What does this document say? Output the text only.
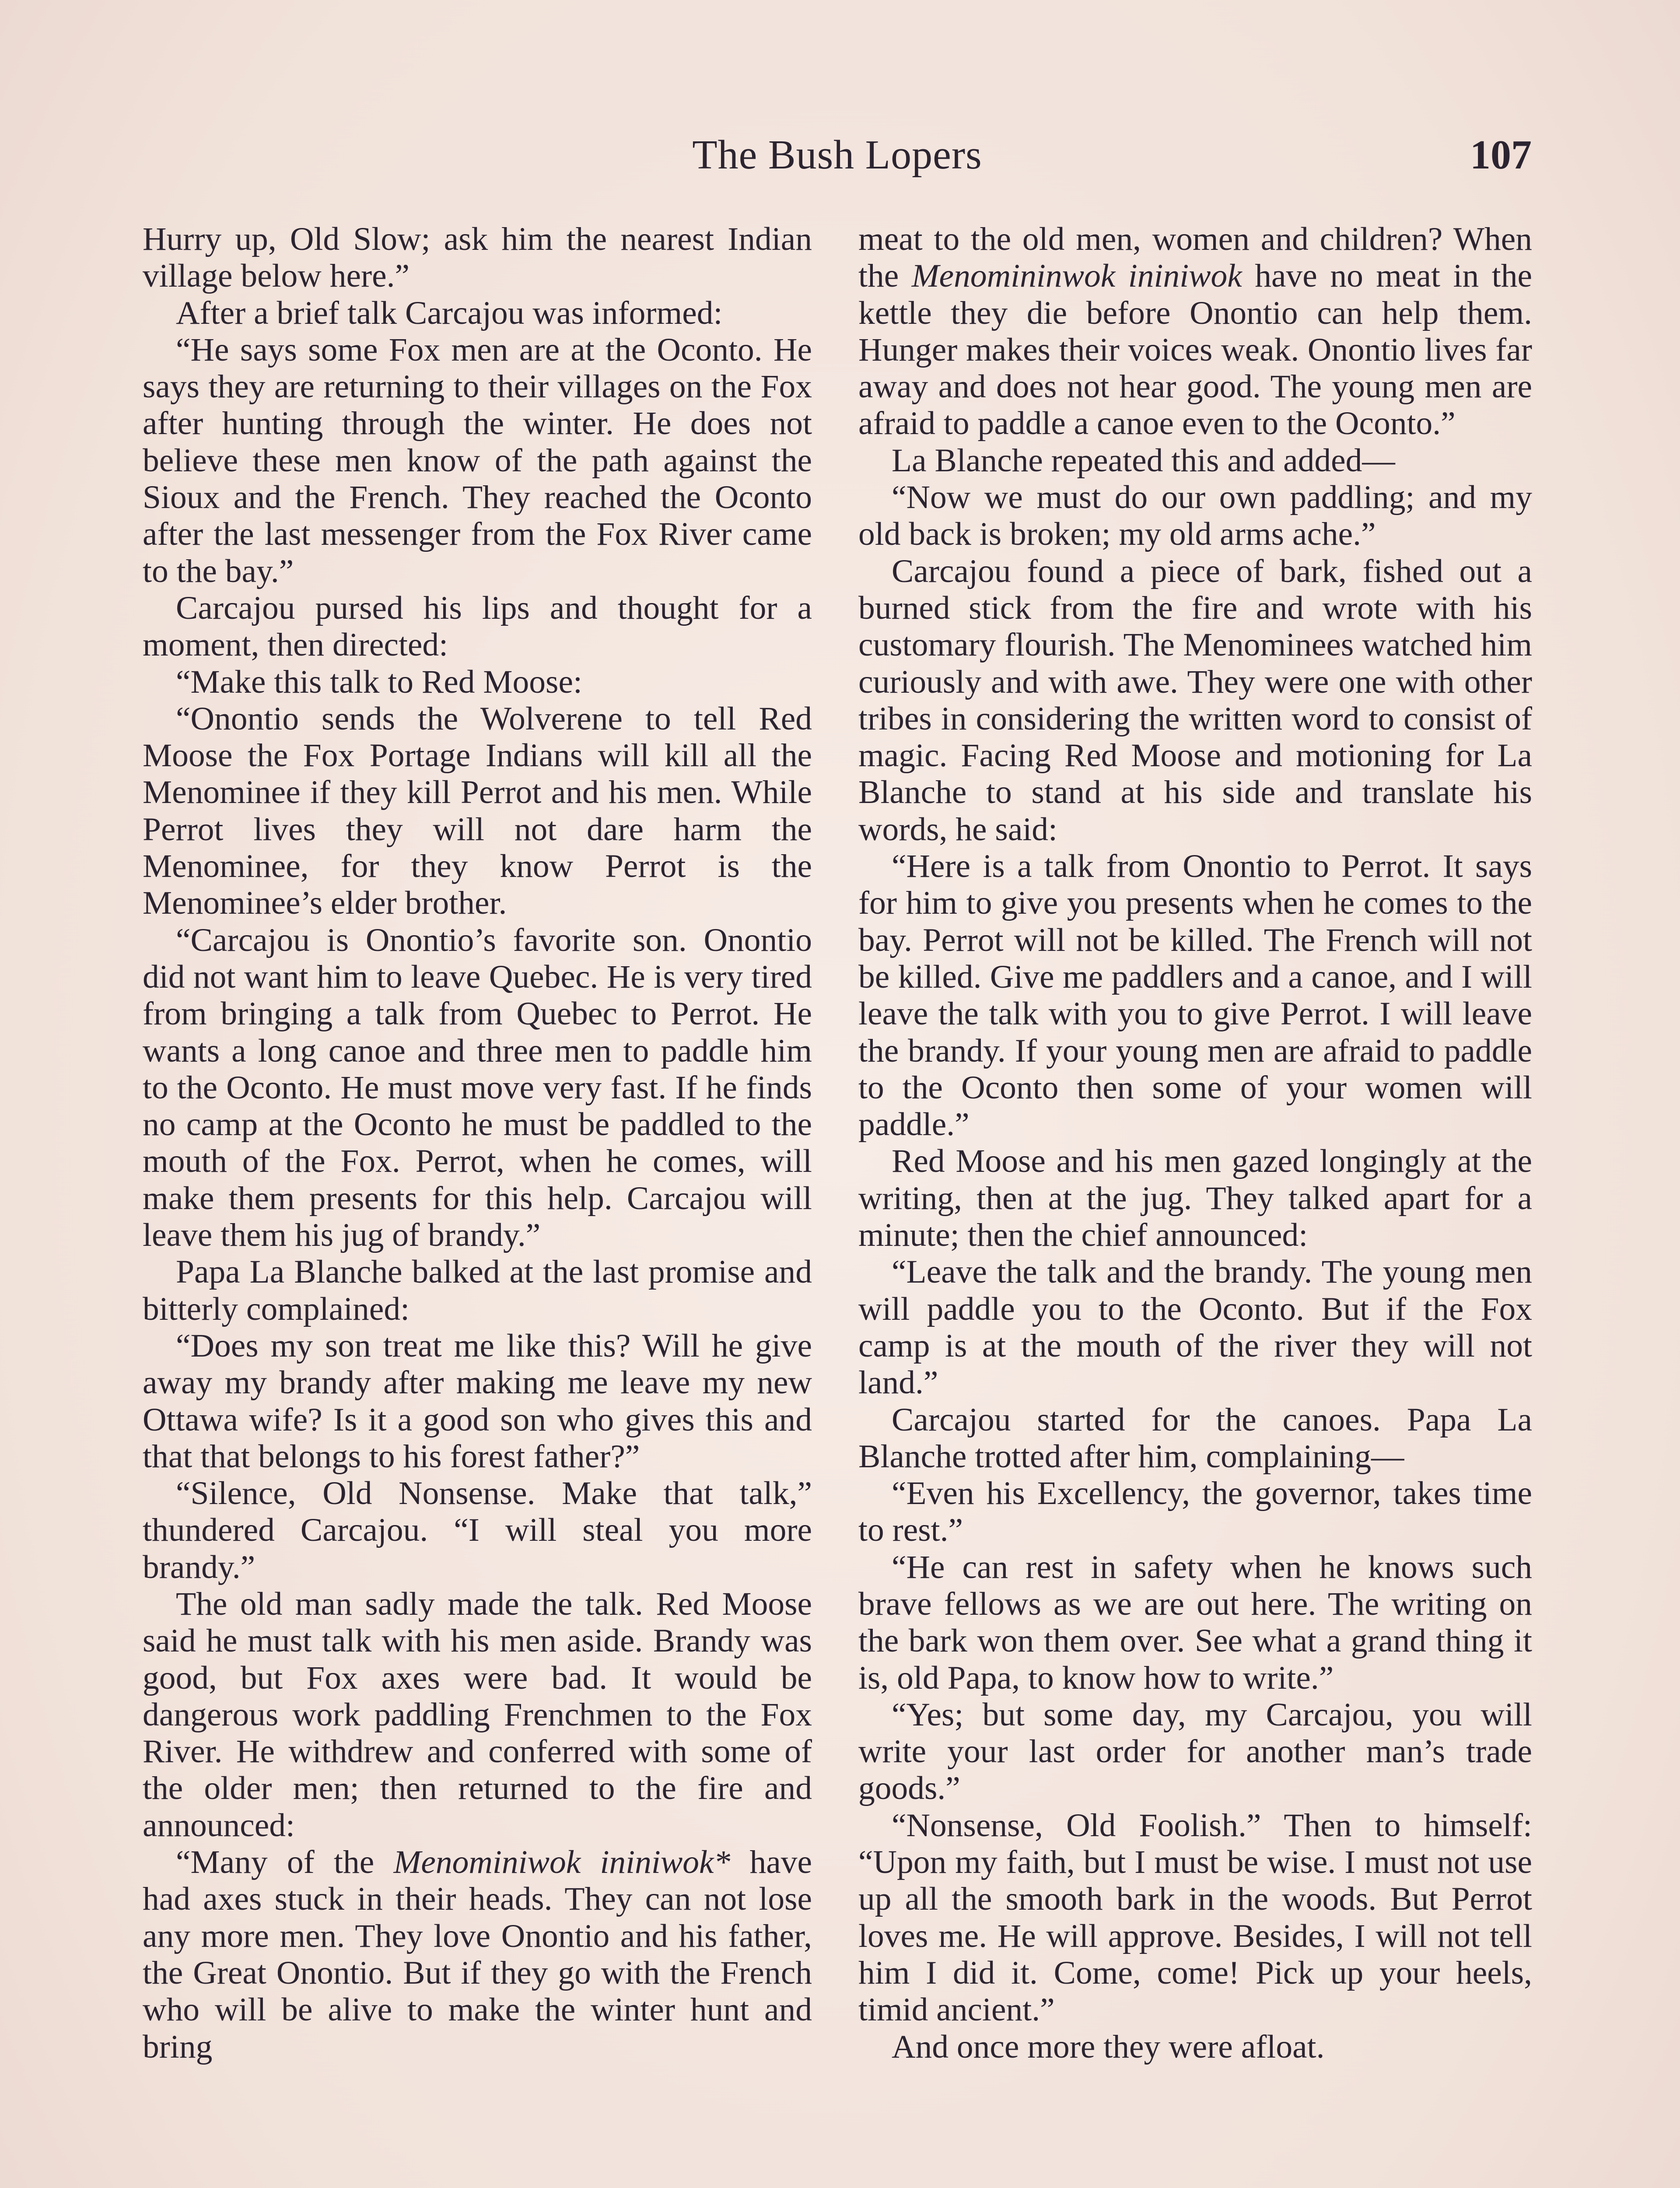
The Bush Lopers	107

Hurry up, Old Slow; ask him the nearest Indian village below here.”

After a brief talk Carcajou was informed:

“He says some Fox men are at the Oconto. He says they are returning to their villages on the Fox after hunting through the winter. He does not believe these men know of the path against the Sioux and the French. They reached the Oconto after the last messenger from the Fox River came to the bay.”

Carcajou pursed his lips and thought for a moment, then directed:

“Make this talk to Red Moose:

“Onontio sends the Wolverene to tell Red Moose the Fox Portage Indians will kill all the Menominee if they kill Perrot and his men. While Perrot lives they will not dare harm the Menominee, for they know Perrot is the Menominee’s elder brother.

“Carcajou is Onontio’s favorite son. Onontio did not want him to leave Quebec. He is very tired from bringing a talk from Quebec to Perrot. He wants a long canoe and three men to paddle him to the Oconto. He must move very fast. If he finds no camp at the Oconto he must be paddled to the mouth of the Fox. Perrot, when he comes, will make them presents for this help. Carcajou will leave them his jug of brandy.”

Papa La Blanche balked at the last promise and bitterly complained:

“Does my son treat me like this? Will he give away my brandy after making me leave my new Ottawa wife? Is it a good son who gives this and that that belongs to his forest father?”

“Silence, Old Nonsense. Make that talk,” thundered Carcajou. “I will steal you more brandy.”

The old man sadly made the talk. Red Moose said he must talk with his men aside. Brandy was good, but Fox axes were bad. It would be dangerous work paddling Frenchmen to the Fox River. He withdrew and conferred with some of the older men; then returned to the fire and announced:

“Many of the Menominiwok ininiwok* have had axes stuck in their heads. They can not lose any more men. They love Onontio and his father, the Great Onontio. But if they go with the French who will be alive to make the winter hunt and bring

meat to the old men, women and children? When the Menomininwok ininiwok have no meat in the kettle they die before Onontio can help them. Hunger makes their voices weak. Onontio lives far away and does not hear good. The young men are afraid to paddle a canoe even to the Oconto.”

La Blanche repeated this and added—

“Now we must do our own paddling; and my old back is broken; my old arms ache.”

Carcajou found a piece of bark, fished out a burned stick from the fire and wrote with his customary flourish. The Menominees watched him curiously and with awe. They were one with other tribes in considering the written word to consist of magic. Facing Red Moose and motioning for La Blanche to stand at his side and translate his words, he said:

“Here is a talk from Onontio to Perrot. It says for him to give you presents when he comes to the bay. Perrot will not be killed. The French will not be killed. Give me paddlers and a canoe, and I will leave the talk with you to give Perrot. I will leave the brandy. If your young men are afraid to paddle to the Oconto then some of your women will paddle.”

Red Moose and his men gazed longingly at the writing, then at the jug. They talked apart for a minute; then the chief announced:

“Leave the talk and the brandy. The young men will paddle you to the Oconto. But if the Fox camp is at the mouth of the river they will not land.”

Carcajou started for the canoes. Papa La Blanche trotted after him, complaining—

“Even his Excellency, the governor, takes time to rest.”

“He can rest in safety when he knows such brave fellows as we are out here. The writing on the bark won them over. See what a grand thing it is, old Papa, to know how to write.”

“Yes; but some day, my Carcajou, you will write your last order for another man’s trade goods.”

“Nonsense, Old Foolish.” Then to himself: “Upon my faith, but I must be wise. I must not use up all the smooth bark in the woods. But Perrot loves me. He will approve. Besides, I will not tell him I did it. Come, come! Pick up your heels, timid ancient.”

And once more they were afloat.
